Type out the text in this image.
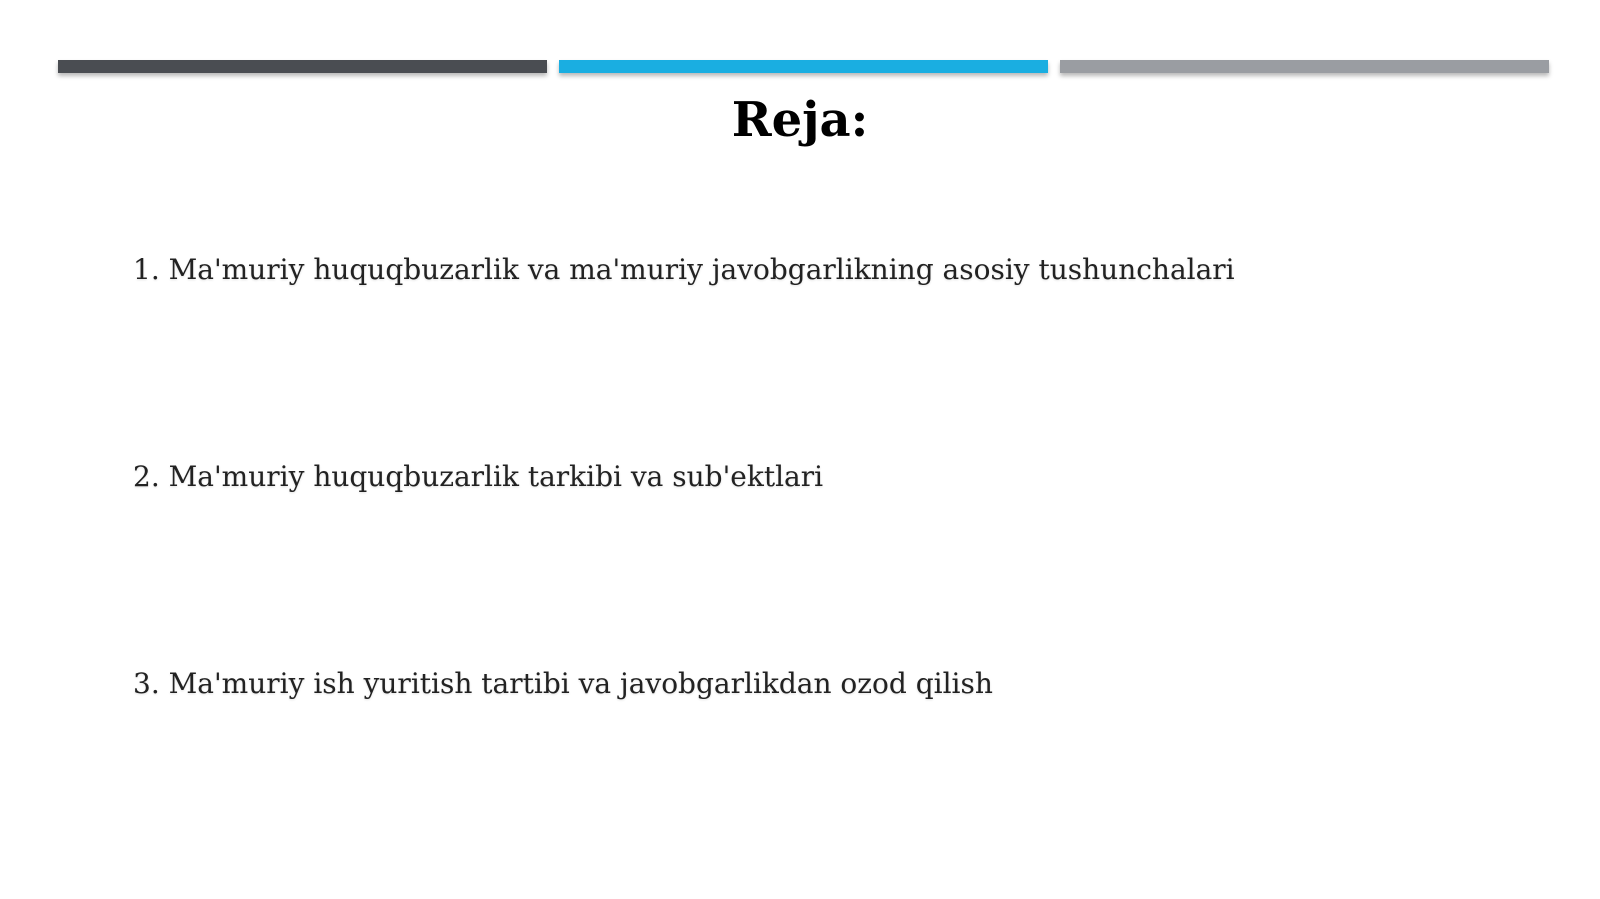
Reja:
1. Ma'muriy huquqbuzarlik va ma'muriy javobgarlikning asosiy tushunchalari
2. Ma'muriy huquqbuzarlik tarkibi va sub'ektlari
3. Ma'muriy ish yuritish tartibi va javobgarlikdan ozod qilish
